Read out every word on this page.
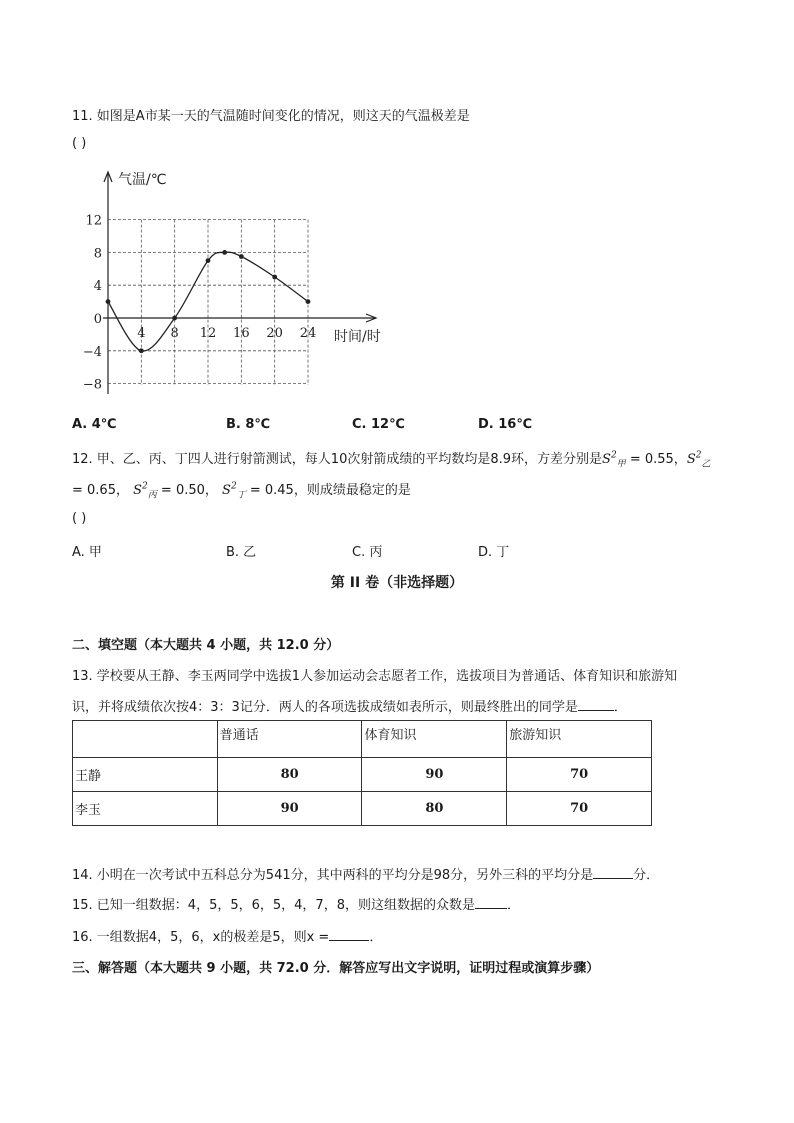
11. 如图是A市某一天的气温随时间变化的情况，则这天的气温极差是
( )
12
8
4
0
−4
−8
4 8 12 16 20 24
气温/℃
时间/时
A. 4℃	B. 8℃	C. 12℃	D. 16℃
12. 甲、乙、丙、丁四人进行射箭测试，每人10次射箭成绩的平均数均是8.9环，方差分别是$S^2_甲 = 0.55$，$S^2_乙$
= 0.65， $S^2_丙 = 0.50$， $S^2_丁 = 0.45$，则成绩最稳定的是
( )
A. 甲	B. 乙	C. 丙	D. 丁
第 II 卷（非选择题）
二、填空题（本大题共 4 小题，共 12.0 分）
13. 学校要从王静、李玉两同学中选拔1人参加运动会志愿者工作，选拔项目为普通话、体育知识和旅游知
识，并将成绩依次按4：3：3记分．两人的各项选拔成绩如表所示，则最终胜出的同学是	．
	普通话	体育知识	旅游知识
王静	80	90	70
李玉	90	80	70
14. 小明在一次考试中五科总分为541分，其中两科的平均分是98分，另外三科的平均分是	分．
15. 已知一组数据：4，5，5，6，5，4，7，8，则这组数据的众数是 ．
16. 一组数据4，5，6，x的极差是5，则x =	．
三、解答题（本大题共 9 小题，共 72.0 分．解答应写出文字说明，证明过程或演算步骤）
